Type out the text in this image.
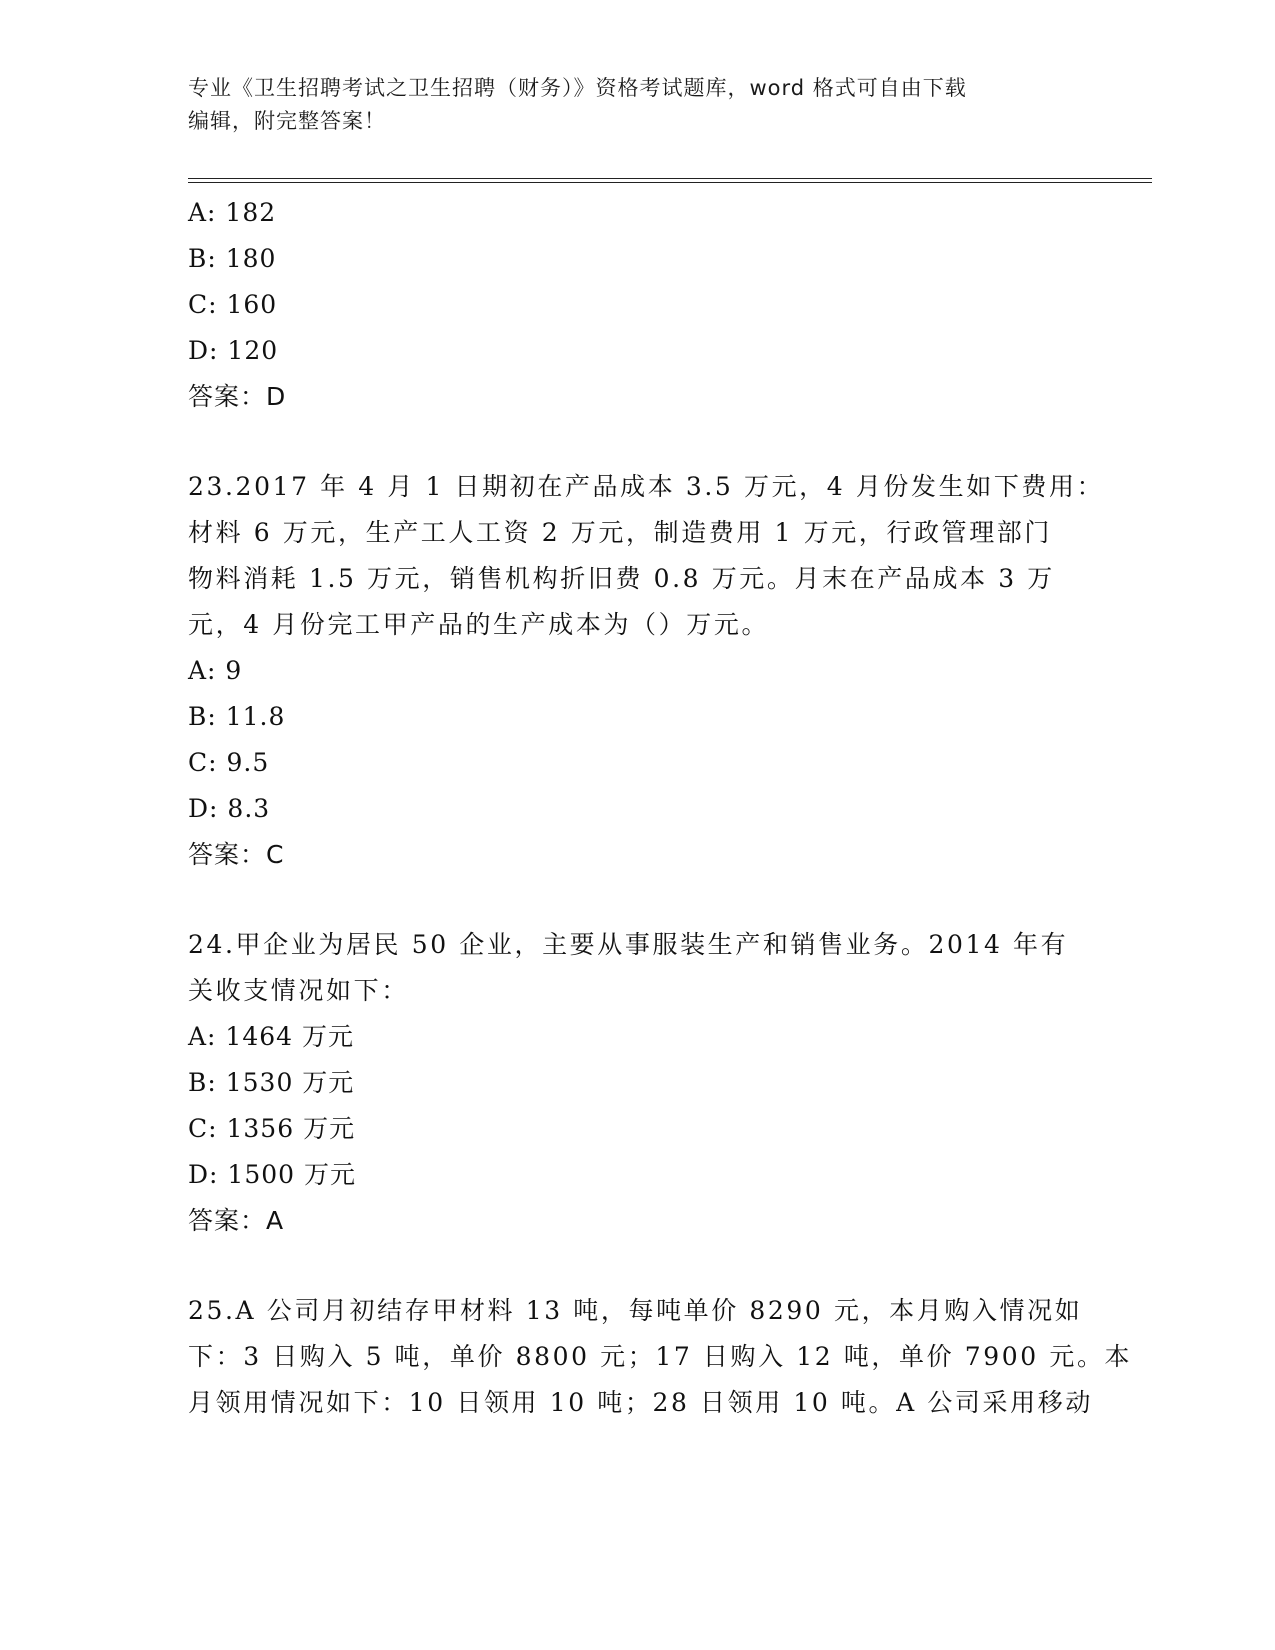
专业《卫生招聘考试之卫生招聘（财务）》资格考试题库，word 格式可自由下载
编辑，附完整答案！
A: 182
B: 180
C: 160
D: 120
答案：D
23.2017 年 4 月 1 日期初在产品成本 3.5 万元，4 月份发生如下费用：
材料 6 万元，生产工人工资 2 万元，制造费用 1 万元，行政管理部门
物料消耗 1.5 万元，销售机构折旧费 0.8 万元。月末在产品成本 3 万
元，4 月份完工甲产品的生产成本为（）万元。
A: 9
B: 11.8
C: 9.5
D: 8.3
答案：C
24.甲企业为居民 50 企业，主要从事服装生产和销售业务。2014 年有
关收支情况如下：
A: 1464 万元
B: 1530 万元
C: 1356 万元
D: 1500 万元
答案：A
25.A 公司月初结存甲材料 13 吨，每吨单价 8290 元，本月购入情况如
下：3 日购入 5 吨，单价 8800 元；17 日购入 12 吨，单价 7900 元。本
月领用情况如下：10 日领用 10 吨；28 日领用 10 吨。A 公司采用移动
